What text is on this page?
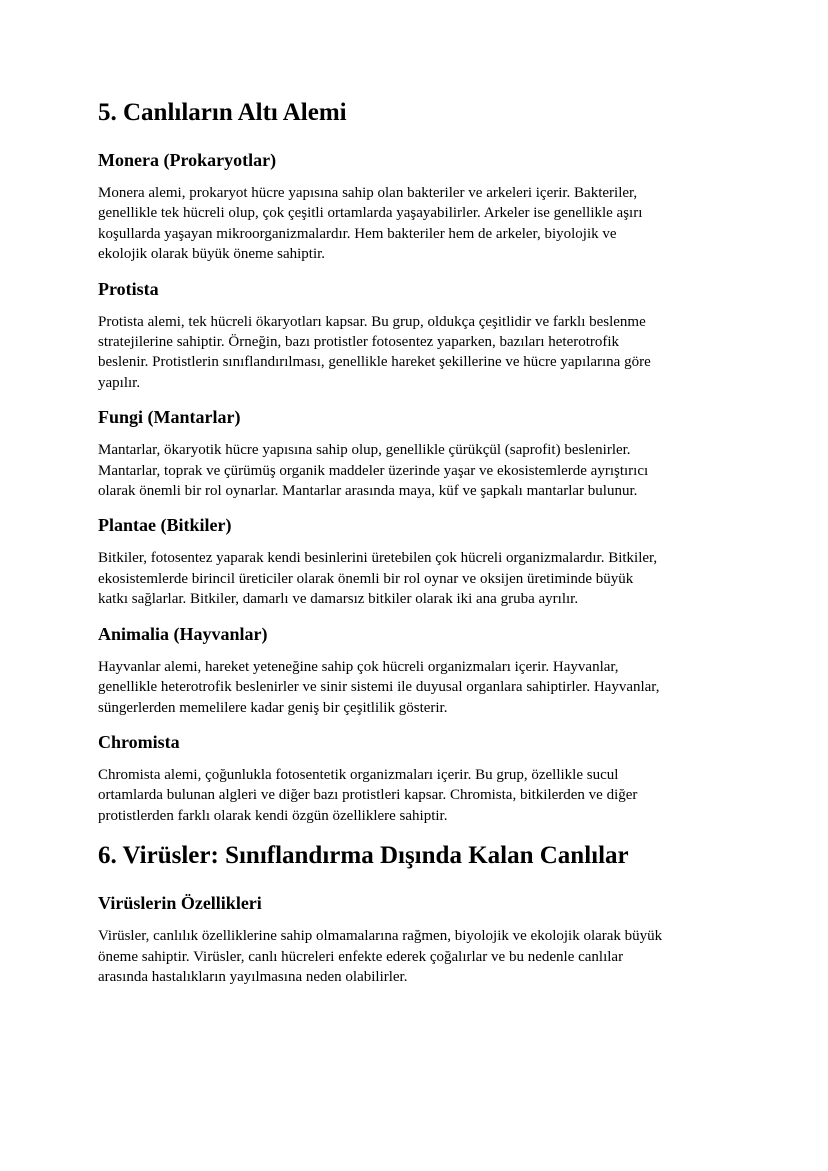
5. Canlıların Altı Alemi
Monera (Prokaryotlar)

Monera alemi, prokaryot hücre yapısına sahip olan bakteriler ve arkeleri içerir. Bakteriler,
genellikle tek hücreli olup, çok çeşitli ortamlarda yaşayabilirler. Arkeler ise genellikle aşırı
koşullarda yaşayan mikroorganizmalardır. Hem bakteriler hem de arkeler, biyolojik ve
ekolojik olarak büyük öneme sahiptir.

Protista

Protista alemi, tek hücreli ökaryotları kapsar. Bu grup, oldukça çeşitlidir ve farklı beslenme
stratejilerine sahiptir. Örneğin, bazı protistler fotosentez yaparken, bazıları heterotrofik
beslenir. Protistlerin sınıflandırılması, genellikle hareket şekillerine ve hücre yapılarına göre
yapılır.

Fungi (Mantarlar)

Mantarlar, ökaryotik hücre yapısına sahip olup, genellikle çürükçül (saprofit) beslenirler.
Mantarlar, toprak ve çürümüş organik maddeler üzerinde yaşar ve ekosistemlerde ayrıştırıcı
olarak önemli bir rol oynarlar. Mantarlar arasında maya, küf ve şapkalı mantarlar bulunur.

Plantae (Bitkiler)

Bitkiler, fotosentez yaparak kendi besinlerini üretebilen çok hücreli organizmalardır. Bitkiler,
ekosistemlerde birincil üreticiler olarak önemli bir rol oynar ve oksijen üretiminde büyük
katkı sağlarlar. Bitkiler, damarlı ve damarsız bitkiler olarak iki ana gruba ayrılır.

Animalia (Hayvanlar)

Hayvanlar alemi, hareket yeteneğine sahip çok hücreli organizmaları içerir. Hayvanlar,
genellikle heterotrofik beslenirler ve sinir sistemi ile duyusal organlara sahiptirler. Hayvanlar,
süngerlerden memelilere kadar geniş bir çeşitlilik gösterir.

Chromista

Chromista alemi, çoğunlukla fotosentetik organizmaları içerir. Bu grup, özellikle sucul
ortamlarda bulunan algleri ve diğer bazı protistleri kapsar. Chromista, bitkilerden ve diğer
protistlerden farklı olarak kendi özgün özelliklere sahiptir.

6. Virüsler: Sınıflandırma Dışında Kalan Canlılar
Virüslerin Özellikleri

Virüsler, canlılık özelliklerine sahip olmamalarına rağmen, biyolojik ve ekolojik olarak büyük
öneme sahiptir. Virüsler, canlı hücreleri enfekte ederek çoğalırlar ve bu nedenle canlılar
arasında hastalıkların yayılmasına neden olabilirler.
